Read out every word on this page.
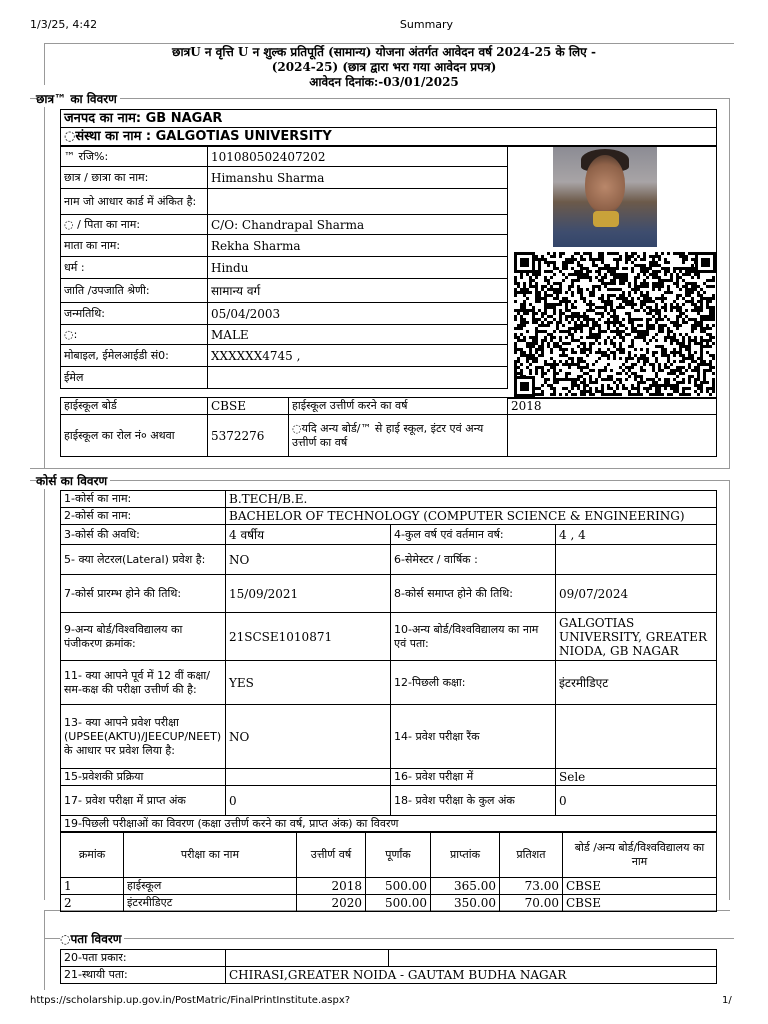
1/3/25, 4:42	Summary
छात्रU न वृत्ति U न शुल्क प्रतिपूर्ति (सामान्य) योजना अंतर्गत आवेदन वर्ष 2024-25 के लिए -
(2024-25) (छात्र द्वारा भरा गया आवेदन प्रपत्र)
आवेदन दिनांक:-03/01/2025
छात्र™ का विवरण
जनपद का नाम: GB NAGAR
◌संस्था का नाम : GALGOTIAS UNIVERSITY
™ रजि%:	101080502407202
छात्र / छात्रा का नाम:	Himanshu Sharma
नाम जो आधार कार्ड में अंकित है:	
◌ / पिता का नाम:	C/O: Chandrapal Sharma
माता का नाम:	Rekha Sharma
धर्म :	Hindu
जाति /उपजाति श्रेणी:	सामान्य वर्ग
जन्मतिथि:	05/04/2003
◌:	MALE
मोबाइल, ईमेलआईडी सं0:	XXXXXX4745 ,
ईमेल	
हाईस्कूल बोर्ड	CBSE	हाईस्कूल उत्तीर्ण करने का वर्ष	2018
हाईस्कूल का रोल नं० अथवा	5372276	◌यदि अन्य बोर्ड/™ से हाई स्कूल, इंटर एवं अन्य उत्तीर्ण का वर्ष	
कोर्स का विवरण
1-कोर्स का नाम:	B.TECH/B.E.		
2-कोर्स का नाम:	BACHELOR OF TECHNOLOGY (COMPUTER SCIENCE & ENGINEERING)		
3-कोर्स की अवधि:	4 वर्षीय	4-कुल वर्ष एवं वर्तमान वर्ष:	4 , 4
5- क्या लेटरल(Lateral) प्रवेश है:	NO	6-सेमेस्टर / वार्षिक :	
7-कोर्स प्रारम्भ होने की तिथि:	15/09/2021	8-कोर्स समाप्त होने की तिथि:	09/07/2024
9-अन्य बोर्ड/विश्वविद्यालय का पंजीकरण क्रमांक:	21SCSE1010871	10-अन्य बोर्ड/विश्वविद्यालय का नाम एवं पता:	GALGOTIAS UNIVERSITY, GREATER NIODA, GB NAGAR
11- क्या आपने पूर्व में 12 वीं कक्षा/सम-कक्ष की परीक्षा उत्तीर्ण की है:	YES	12-पिछली कक्षा:	इंटरमीडिएट
13- क्या आपने प्रवेश परीक्षा (UPSEE(AKTU)/JEECUP/NEET) के आधार पर प्रवेश लिया है:	NO	14- प्रवेश परीक्षा रैंक	
15-प्रवेशकी प्रक्रिया		16- प्रवेश परीक्षा में	Sele
17- प्रवेश परीक्षा में प्राप्त अंक	0	18- प्रवेश परीक्षा के कुल अंक	0
19-पिछली परीक्षाओं का विवरण (कक्षा उत्तीर्ण करने का वर्ष, प्राप्त अंक) का विवरण			
क्रमांक	परीक्षा का नाम	उत्तीर्ण वर्ष	पूर्णांक	प्राप्तांक	प्रतिशत	बोर्ड /अन्य बोर्ड/विश्वविद्यालय का नाम
1	हाईस्कूल	2018	500.00	365.00	73.00	CBSE
2	इंटरमीडिएट	2020	500.00	350.00	70.00	CBSE
◌पता विवरण
20-पता प्रकार:		
21-स्थायी पता:	CHIRASI,GREATER NOIDA - GAUTAM BUDHA NAGAR	
https://scholarship.up.gov.in/PostMatric/FinalPrintInstitute.aspx?	1/
